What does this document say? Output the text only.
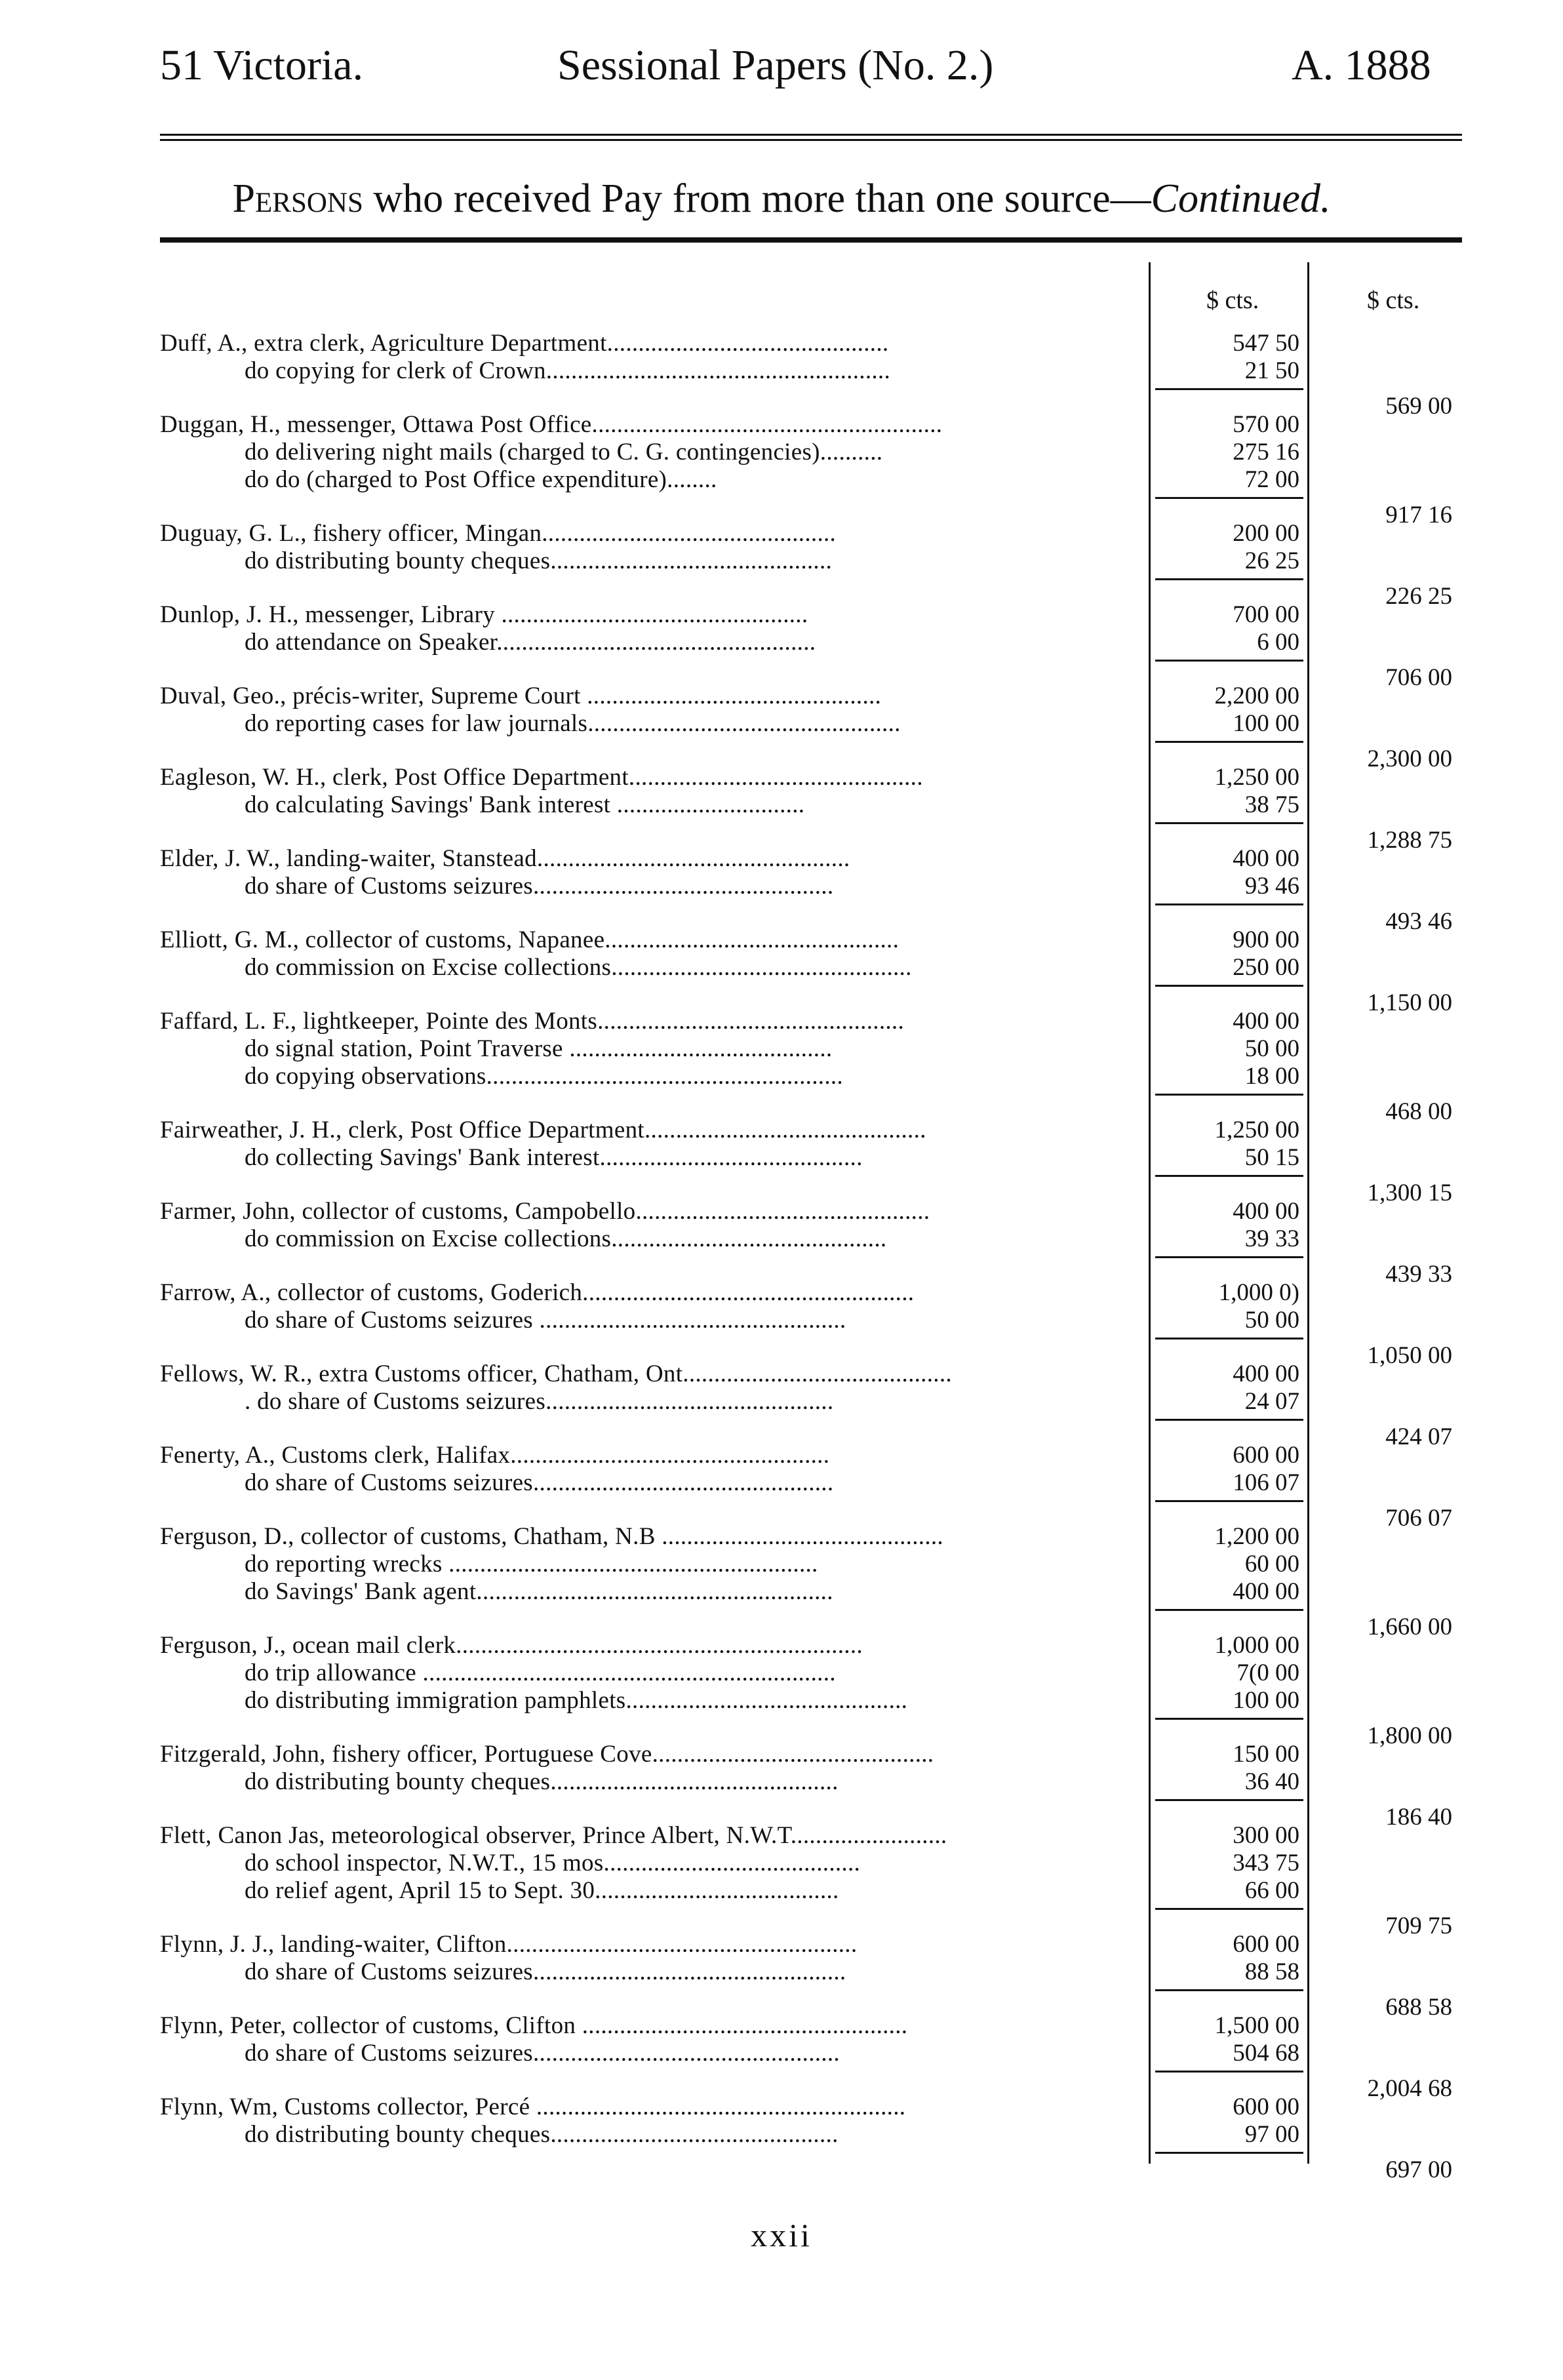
51 Victoria.	Sessional Papers (No. 2.)	A. 1888
Persons who received Pay from more than one source—Continued.
$ cts.	$ cts.
Duff, A., extra clerk, Agriculture Department.............................................	547 50
do copying for clerk of Crown.......................................................	21 50
569 00
Duggan, H., messenger, Ottawa Post Office........................................................	570 00
do delivering night mails (charged to C. G. contingencies)..........	275 16
do do (charged to Post Office expenditure)........	72 00
917 16
Duguay, G. L., fishery officer, Mingan...............................................	200 00
do distributing bounty cheques.............................................	26 25
226 25
Dunlop, J. H., messenger, Library .................................................	700 00
do attendance on Speaker...................................................	6 00
706 00
Duval, Geo., précis-writer, Supreme Court ...............................................	2,200 00
do reporting cases for law journals..................................................	100 00
2,300 00
Eagleson, W. H., clerk, Post Office Department...............................................	1,250 00
do calculating Savings' Bank interest ..............................	38 75
1,288 75
Elder, J. W., landing-waiter, Stanstead..................................................	400 00
do share of Customs seizures................................................	93 46
493 46
Elliott, G. M., collector of customs, Napanee...............................................	900 00
do commission on Excise collections................................................	250 00
1,150 00
Faffard, L. F., lightkeeper, Pointe des Monts.................................................	400 00
do signal station, Point Traverse ..........................................	50 00
do copying observations.........................................................	18 00
468 00
Fairweather, J. H., clerk, Post Office Department.............................................	1,250 00
do collecting Savings' Bank interest..........................................	50 15
1,300 15
Farmer, John, collector of customs, Campobello...............................................	400 00
do commission on Excise collections............................................	39 33
439 33
Farrow, A., collector of customs, Goderich.....................................................	1,000 0)
do share of Customs seizures .................................................	50 00
1,050 00
Fellows, W. R., extra Customs officer, Chatham, Ont...........................................	400 00
. do share of Customs seizures..............................................	24 07
424 07
Fenerty, A., Customs clerk, Halifax...................................................	600 00
do share of Customs seizures................................................	106 07
706 07
Ferguson, D., collector of customs, Chatham, N.B .............................................	1,200 00
do reporting wrecks ...........................................................	60 00
do Savings' Bank agent.........................................................	400 00
1,660 00
Ferguson, J., ocean mail clerk.................................................................	1,000 00
do trip allowance ..................................................................	7(0 00
do distributing immigration pamphlets.............................................	100 00
1,800 00
Fitzgerald, John, fishery officer, Portuguese Cove.............................................	150 00
do distributing bounty cheques..............................................	36 40
186 40
Flett, Canon Jas, meteorological observer, Prince Albert, N.W.T.........................	300 00
do school inspector, N.W.T., 15 mos.........................................	343 75
do relief agent, April 15 to Sept. 30.......................................	66 00
709 75
Flynn, J. J., landing-waiter, Clifton........................................................	600 00
do share of Customs seizures..................................................	88 58
688 58
Flynn, Peter, collector of customs, Clifton ....................................................	1,500 00
do share of Customs seizures.................................................	504 68
2,004 68
Flynn, Wm, Customs collector, Percé ...........................................................	600 00
do distributing bounty cheques..............................................	97 00
697 00
xxii
